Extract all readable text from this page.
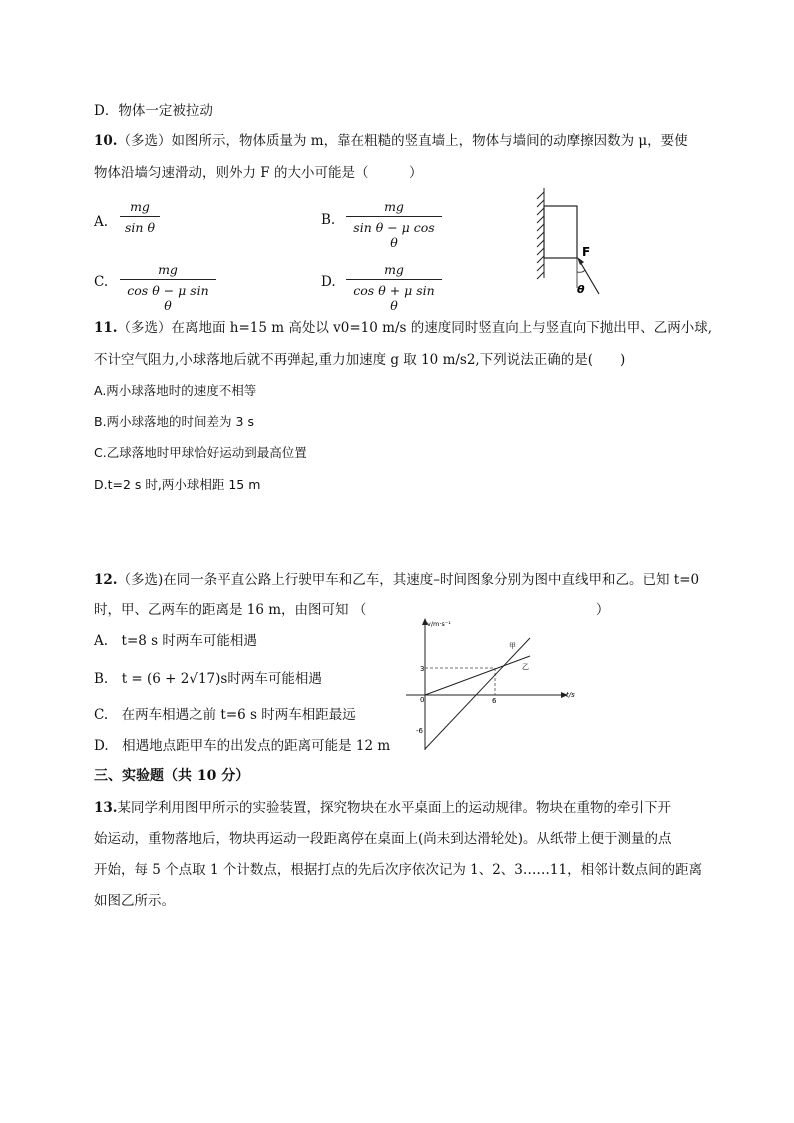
D．物体一定被拉动
10.（多选）如图所示，物体质量为 m，靠在粗糙的竖直墙上，物体与墙间的动摩擦因数为 μ，要使
物体沿墙匀速滑动，则外力 F 的大小可能是（　　　）
A. $\frac{mg}{\text{sin θ}}$	B. $\frac{mg}{\text{sin θ − μ cos θ}}$
C. $\frac{mg}{\text{cos θ − μ sin θ}}$	D. $\frac{mg}{\text{cos θ + μ sin θ}}$
F
θ
11.（多选）在离地面 h=15 m 高处以 v0=10 m/s 的速度同时竖直向上与竖直向下抛出甲、乙两小球,
不计空气阻力,小球落地后就不再弹起,重力加速度 g 取 10 m/s2,下列说法正确的是(　　)
A.两小球落地时的速度不相等
B.两小球落地的时间差为 3 s
C.乙球落地时甲球恰好运动到最高位置
D.t=2 s 时,两小球相距 15 m
12.（多选)在同一条平直公路上行驶甲车和乙车，其速度–时间图象分别为图中直线甲和乙。已知 t=0
时，甲、乙两车的距离是 16 m，由图可知 （　　　　　　　　　　　　　　　　　）
A.　t=8 s 时两车可能相遇
B.　t = (6 + 2√17)s时两车可能相遇
C.　在两车相遇之前 t=6 s 时两车相距最远
D.　相遇地点距甲车的出发点的距离可能是 12 m
v/m·s⁻¹
t/s
0
3
-6
6
甲
乙
三、实验题（共 10 分）
13.某同学利用图甲所示的实验装置，探究物块在水平桌面上的运动规律。物块在重物的牵引下开
始运动，重物落地后，物块再运动一段距离停在桌面上(尚未到达滑轮处)。从纸带上便于测量的点
开始，每 5 个点取 1 个计数点，根据打点的先后次序依次记为 1、2、3……11，相邻计数点间的距离
如图乙所示。
